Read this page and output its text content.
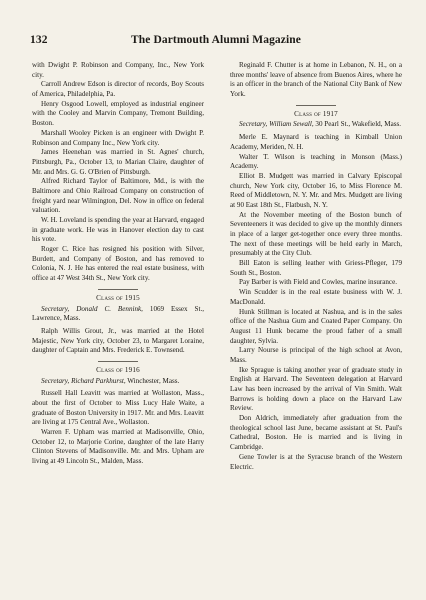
132	The Dartmouth Alumni Magazine

with Dwight P. Robinson and Company, Inc., New York city.

Carroll Andrew Edson is director of records, Boy Scouts of America, Philadelphia, Pa.

Henry Osgood Lowell, employed as industrial engineer with the Cooley and Marvin Company, Tremont Building, Boston.

Marshall Wooley Picken is an engineer with Dwight P. Robinson and Company Inc., New York city.

James Heenehan was married in St. Agnes' church, Pittsburgh, Pa., October 13, to Marian Claire, daughter of Mr. and Mrs. G. G. O'Brien of Pittsburgh.

Alfred Richard Taylor of Baltimore, Md., is with the Baltimore and Ohio Railroad Company on construction of freight yard near Wilmington, Del. Now in office on federal valuation.

W. H. Loveland is spending the year at Harvard, engaged in graduate work. He was in Hanover election day to cast his vote.

Roger C. Rice has resigned his position with Silver, Burdett, and Company of Boston, and has removed to Colonia, N. J. He has entered the real estate business, with office at 47 West 34th St., New York city.

Class of 1915

Secretary, Donald C. Bennink, 1069 Essex St., Lawrence, Mass.

Ralph Willis Grout, Jr., was married at the Hotel Majestic, New York city, October 23, to Margaret Loraine, daughter of Captain and Mrs. Frederick E. Townsend.

Class of 1916

Secretary, Richard Parkhurst, Winchester, Mass.

Russell Hall Leavitt was married at Wollaston, Mass., about the first of October to Miss Lucy Hale Waite, a graduate of Boston University in 1917. Mr. and Mrs. Leavitt are living at 175 Central Ave., Wollaston.

Warren F. Upham was married at Madisonville, Ohio, October 12, to Marjorie Corine, daughter of the late Harry Clinton Stevens of Madisonville. Mr. and Mrs. Upham are living at 49 Lincoln St., Malden, Mass.

Reginald F. Chutter is at home in Lebanon, N. H., on a three months' leave of absence from Buenos Aires, where he is an officer in the branch of the National City Bank of New York.

Class of 1917

Secretary, William Sewall, 30 Pearl St., Wakefield, Mass.

Merle E. Maynard is teaching in Kimball Union Academy, Meriden, N. H.

Walter T. Wilson is teaching in Monson (Mass.) Academy.

Elliot B. Mudgett was married in Calvary Episcopal church, New York city, October 16, to Miss Florence M. Reed of Middletown, N. Y. Mr. and Mrs. Mudgett are living at 90 East 18th St., Flatbush, N. Y.

At the November meeting of the Boston bunch of Seventeeners it was decided to give up the monthly dinners in place of a larger get-together once every three months. The next of these meetings will be held early in March, presumably at the City Club.

Bill Eaton is selling leather with Griess-Pfleger, 179 South St., Boston.

Pay Barber is with Field and Cowles, marine insurance.

Win Scudder is in the real estate business with W. J. MacDonald.

Hunk Stillman is located at Nashua, and is in the sales office of the Nashua Gum and Coated Paper Company. On August 11 Hunk became the proud father of a small daughter, Sylvia.

Larry Nourse is principal of the high school at Avon, Mass.

Ike Sprague is taking another year of graduate study in English at Harvard. The Seventeen delegation at Harvard Law has been increased by the arrival of Vin Smith. Walt Barrows is holding down a place on the Harvard Law Review.

Don Aldrich, immediately after graduation from the theological school last June, became assistant at St. Paul's Cathedral, Boston. He is married and is living in Cambridge.

Gene Towler is at the Syracuse branch of the Western Electric.
